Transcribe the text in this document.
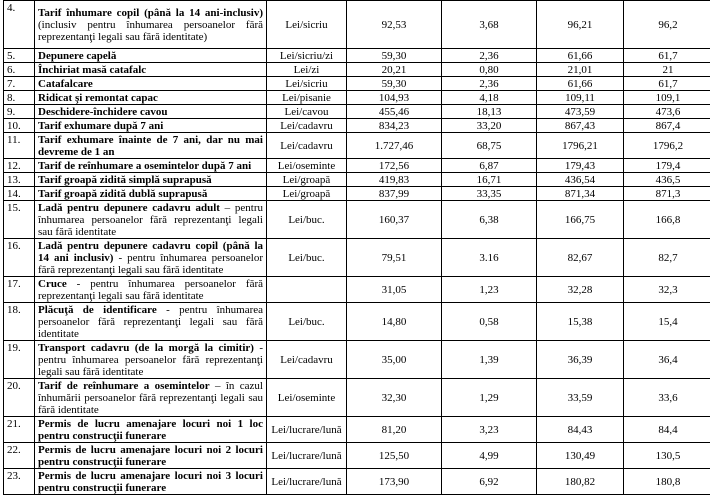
4.	Tarif înhumare copil (până la 14 ani-inclusiv) (inclusiv pentru înhumarea persoanelor fără reprezentanţi legali sau fără identitate)	Lei/sicriu	92,53	3,68	96,21	96,2
5.	Depunere capelă	Lei/sicriu/zi	59,30	2,36	61,66	61,7
6.	Închiriat masă catafalc	Lei/zi	20,21	0,80	21,01	21
7.	Catafalcare	Lei/sicriu	59,30	2,36	61,66	61,7
8.	Ridicat şi remontat capac	Lei/pisanie	104,93	4,18	109,11	109,1
9.	Deschidere-închidere cavou	Lei/cavou	455,46	18,13	473,59	473,6
10.	Tarif exhumare după 7 ani	Lei/cadavru	834,23	33,20	867,43	867,4
11.	Tarif exhumare înainte de 7 ani, dar nu mai devreme de 1 an	Lei/cadavru	1.727,46	68,75	1796,21	1796,2
12.	Tarif de reînhumare a osemintelor după 7 ani	Lei/oseminte	172,56	6,87	179,43	179,4
13.	Tarif groapă zidită simplă suprapusă	Lei/groapă	419,83	16,71	436,54	436,5
14.	Tarif groapă zidită dublă suprapusă	Lei/groapă	837,99	33,35	871,34	871,3
15.	Ladă pentru depunere cadavru adult – pentru înhumarea persoanelor fără reprezentanţi legali sau fără identitate	Lei/buc.	160,37	6,38	166,75	166,8
16.	Ladă pentru depunere cadavru copil (până la 14 ani inclusiv) - pentru înhumarea persoanelor fără reprezentanţi legali sau fără identitate	Lei/buc.	79,51	3.16	82,67	82,7
17.	Cruce - pentru înhumarea persoanelor fără reprezentanţi legali sau fără identitate		31,05	1,23	32,28	32,3
18.	Plăcuţă de identificare - pentru înhumarea persoanelor fără reprezentanţi legali sau fără identitate	Lei/buc.	14,80	0,58	15,38	15,4
19.	Transport cadavru (de la morgă la cimitir) - pentru înhumarea persoanelor fără reprezentanţi legali sau fără identitate	Lei/cadavru	35,00	1,39	36,39	36,4
20.	Tarif de reînhumare a osemintelor – în cazul înhumării persoanelor fără reprezentanţi legali sau fără identitate	Lei/oseminte	32,30	1,29	33,59	33,6
21.	Permis de lucru amenajare locuri noi 1 loc pentru construcţii funerare	Lei/lucrare/lună	81,20	3,23	84,43	84,4
22.	Permis de lucru amenajare locuri noi 2 locuri pentru construcţii funerare	Lei/lucrare/lună	125,50	4,99	130,49	130,5
23.	Permis de lucru amenajare locuri noi 3 locuri pentru construcţii funerare	Lei/lucrare/lună	173,90	6,92	180,82	180,8
